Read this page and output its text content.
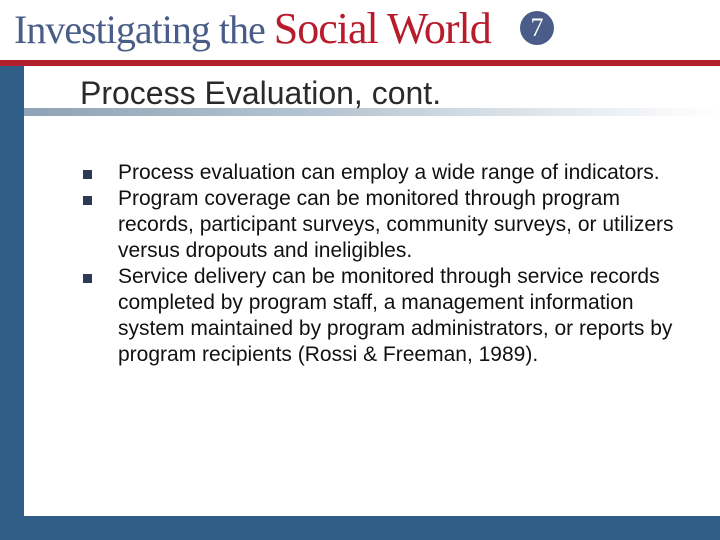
Investigating the Social World	7
Process Evaluation, cont.
Process evaluation can employ a wide range of indicators.
Program coverage can be monitored through program records, participant surveys, community surveys, or utilizers versus dropouts and ineligibles.
Service delivery can be monitored through service records completed by program staff, a management information system maintained by program administrators, or reports by program recipients (Rossi & Freeman, 1989).
